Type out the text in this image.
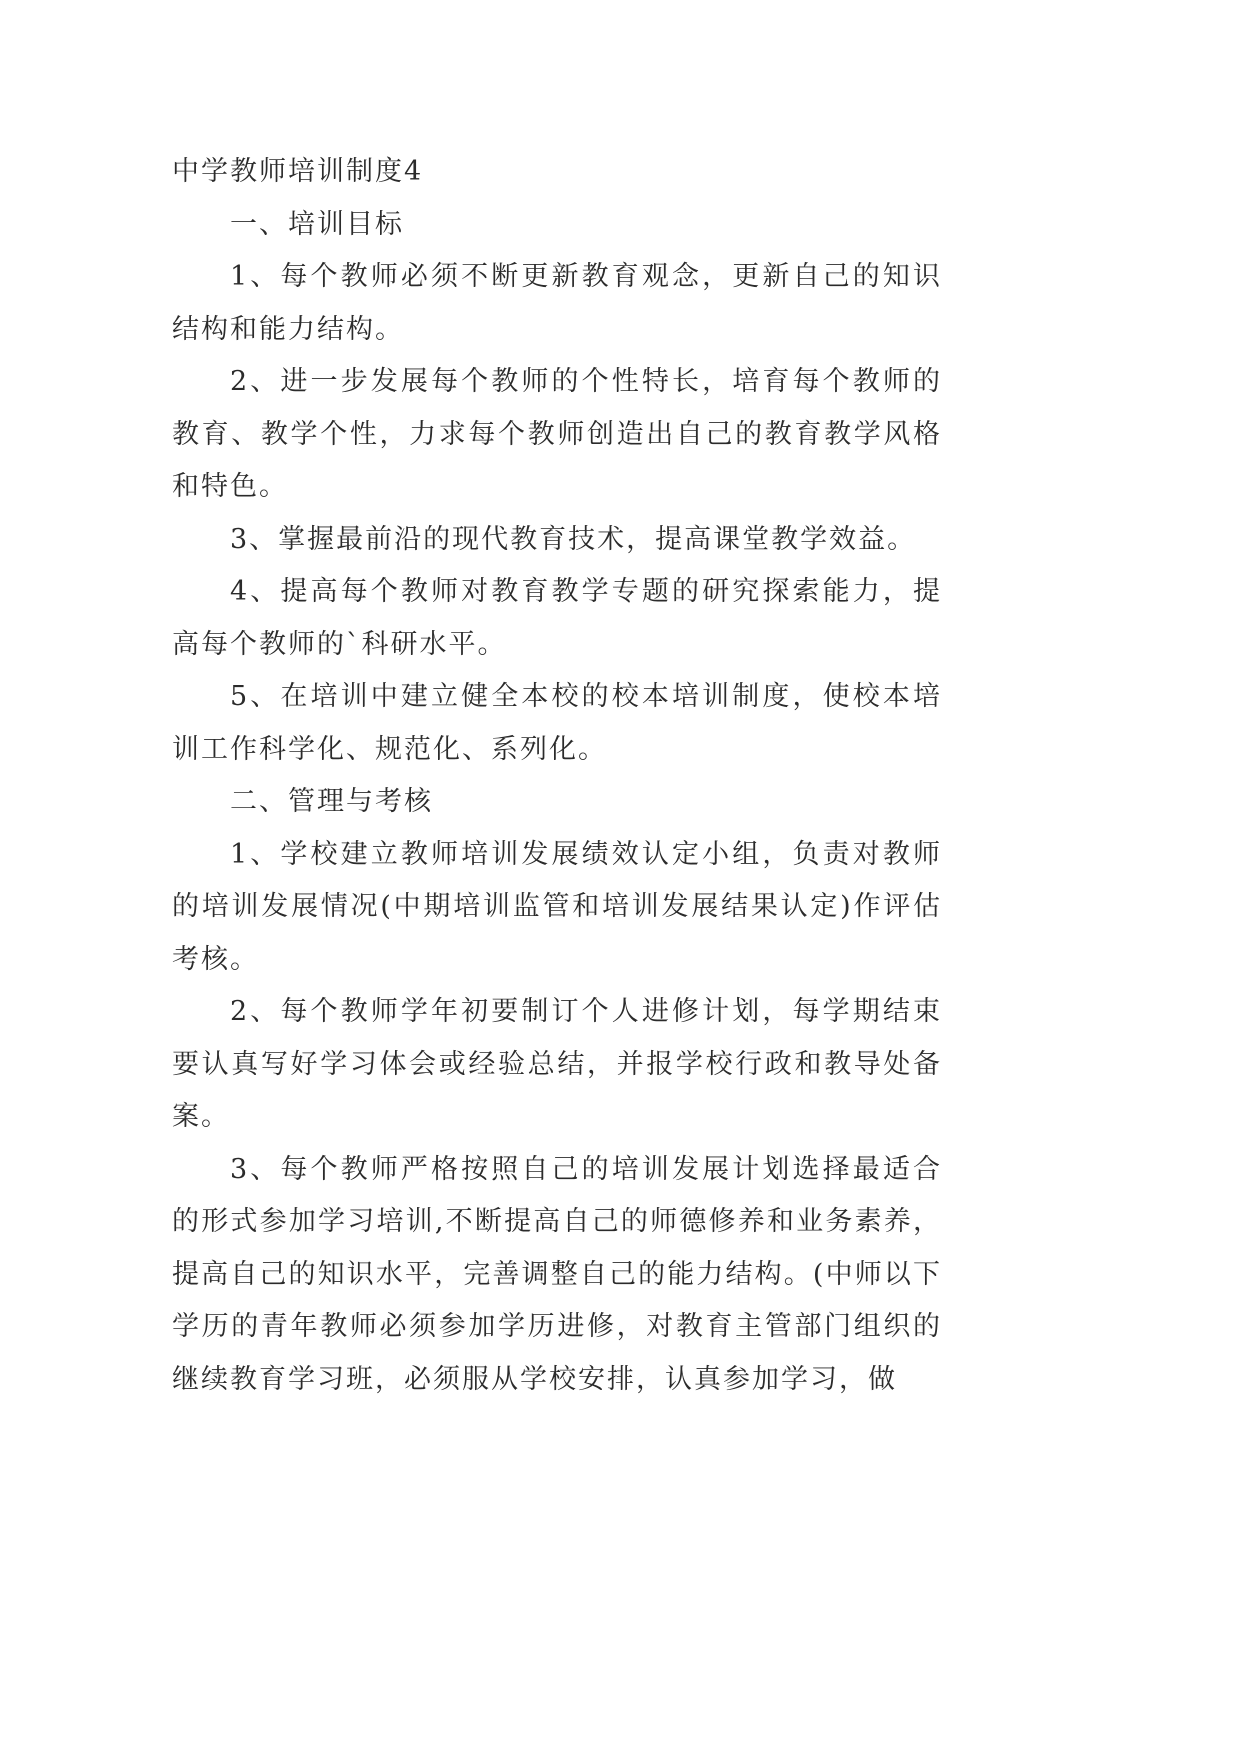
中学教师培训制度4

一、培训目标

1、每个教师必须不断更新教育观念，更新自己的知识结构和能力结构。

2、进一步发展每个教师的个性特长，培育每个教师的教育、教学个性，力求每个教师创造出自己的教育教学风格和特色。

3、掌握最前沿的现代教育技术，提高课堂教学效益。

4、提高每个教师对教育教学专题的研究探索能力，提高每个教师的`科研水平。

5、在培训中建立健全本校的校本培训制度，使校本培训工作科学化、规范化、系列化。

二、管理与考核

1、学校建立教师培训发展绩效认定小组，负责对教师的培训发展情况(中期培训监管和培训发展结果认定)作评估考核。

2、每个教师学年初要制订个人进修计划，每学期结束要认真写好学习体会或经验总结，并报学校行政和教导处备案。

3、每个教师严格按照自己的培训发展计划选择最适合的形式参加学习培训,不断提高自己的师德修养和业务素养，提高自己的知识水平，完善调整自己的能力结构。(中师以下学历的青年教师必须参加学历进修，对教育主管部门组织的继续教育学习班，必须服从学校安排，认真参加学习，做
